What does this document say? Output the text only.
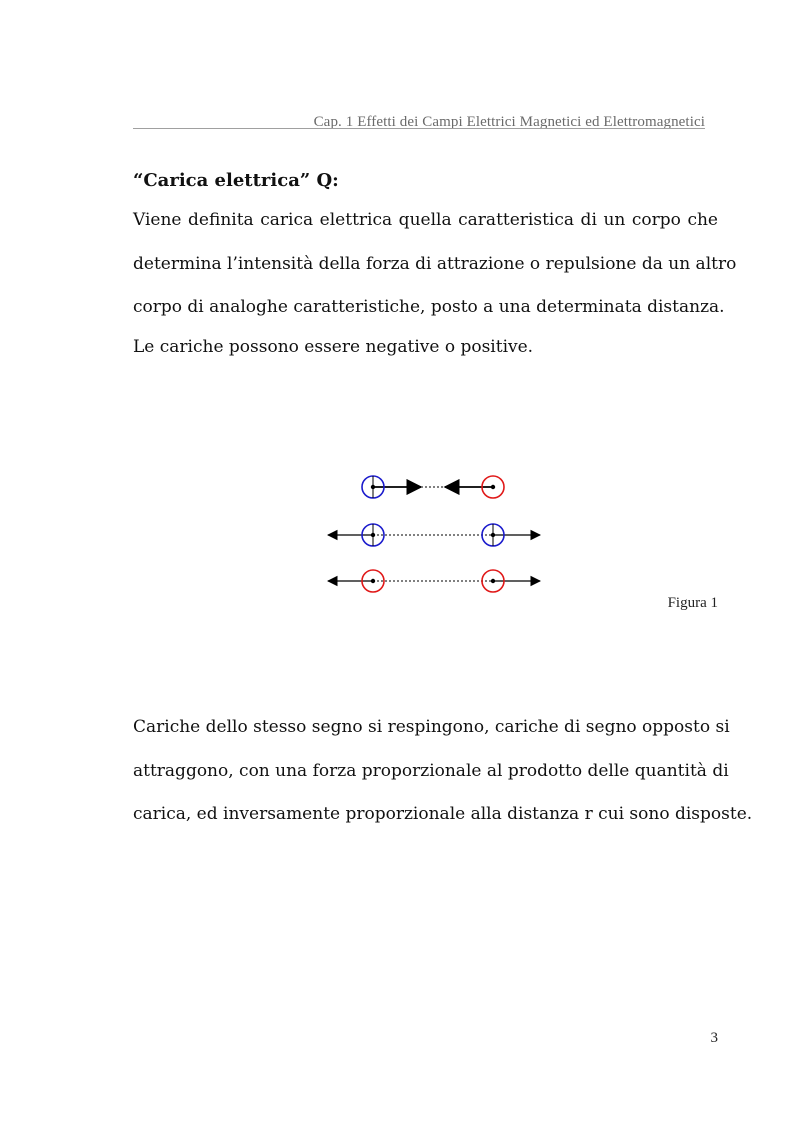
Cap. 1 Effetti dei Campi Elettrici Magnetici ed Elettromagnetici
“Carica elettrica” Q:
Viene definita carica elettrica quella caratteristica di un corpo che
determina l’intensità della forza di attrazione o repulsione da un altro
corpo di analoghe caratteristiche, posto a una determinata distanza.
Le cariche possono essere negative o positive.
Figura 1
Cariche dello stesso segno si respingono, cariche di segno opposto si
attraggono, con una forza proporzionale al prodotto delle quantità di
carica, ed inversamente proporzionale alla distanza r cui sono disposte.
3
